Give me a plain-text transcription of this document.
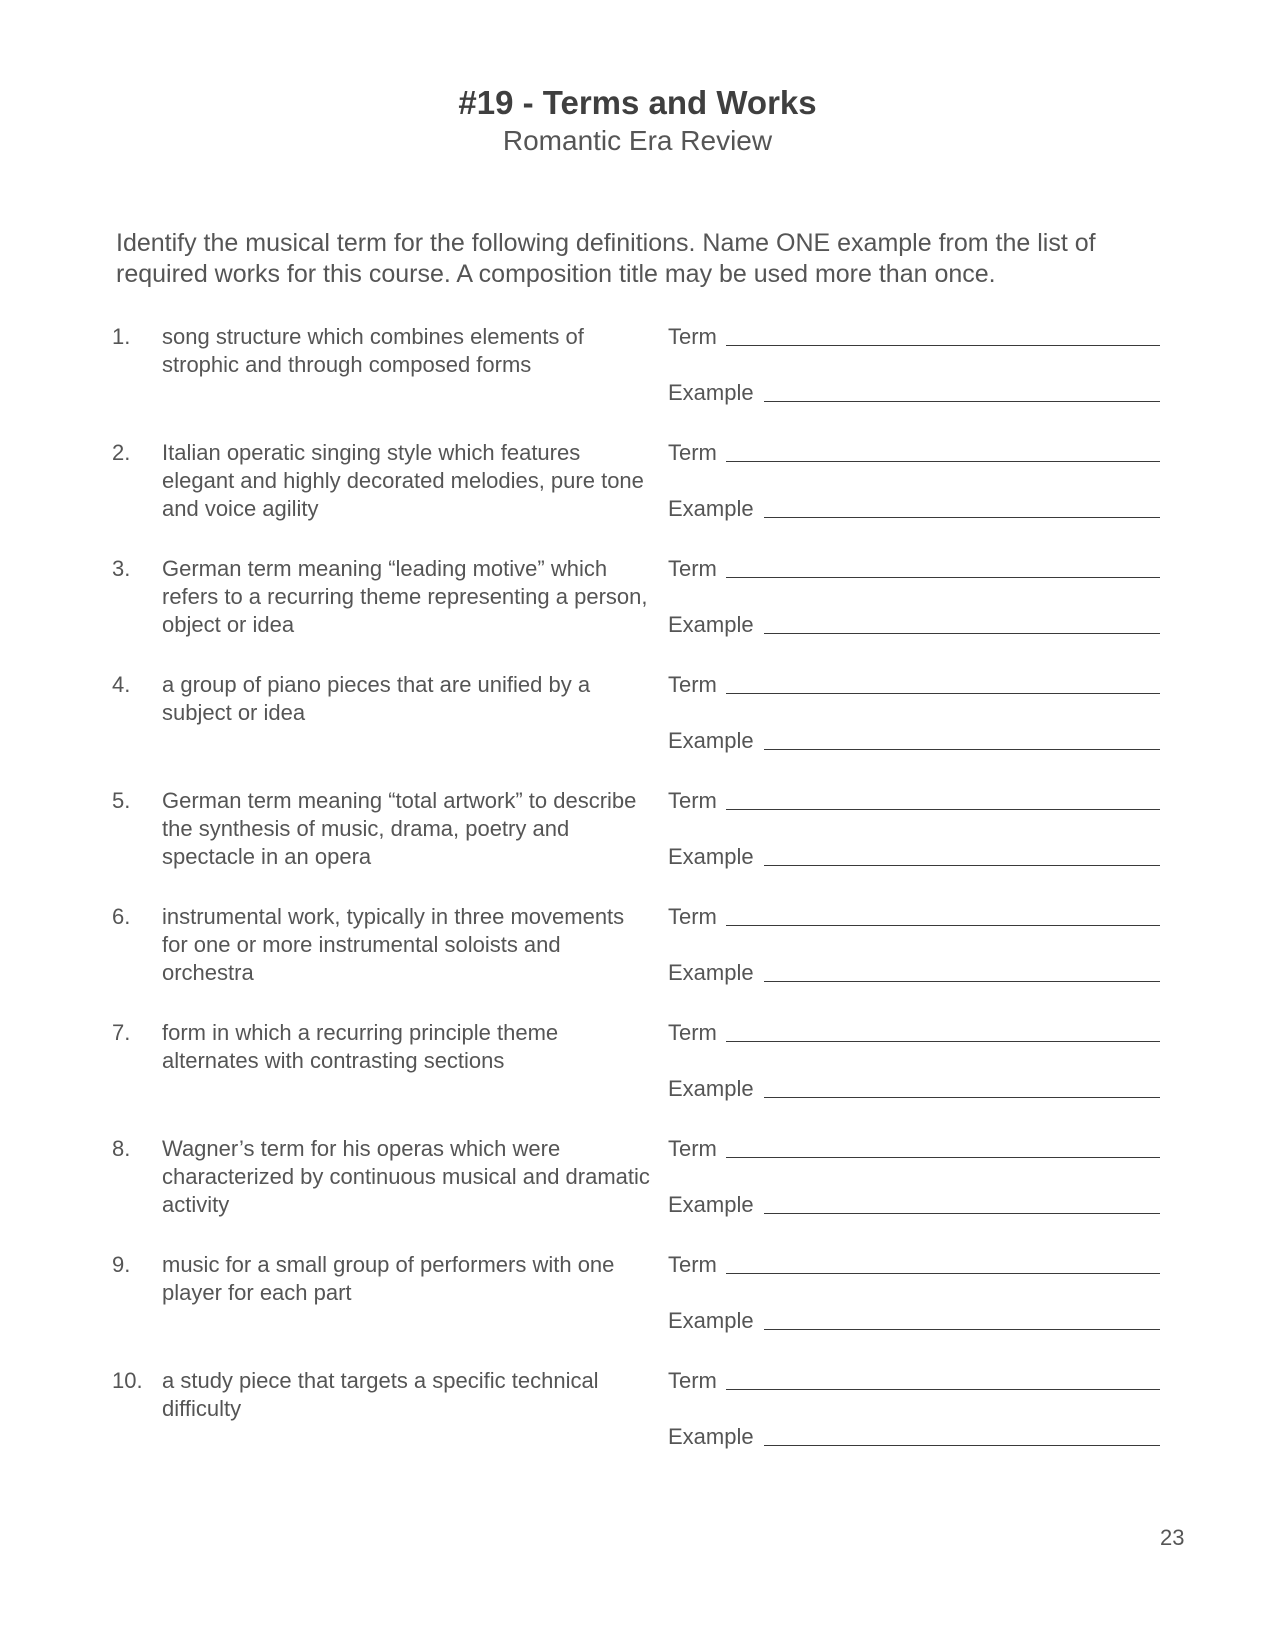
#19 - Terms and Works
Romantic Era Review
Identify the musical term for the following definitions. Name ONE example from the list of required works for this course. A composition title may be used more than once.
1. song structure which combines elements of strophic and through composed forms
Term
Example
2. Italian operatic singing style which features elegant and highly decorated melodies, pure tone and voice agility
Term
Example
3. German term meaning “leading motive” which refers to a recurring theme representing a person, object or idea
Term
Example
4. a group of piano pieces that are unified by a subject or idea
Term
Example
5. German term meaning “total artwork” to describe the synthesis of music, drama, poetry and spectacle in an opera
Term
Example
6. instrumental work, typically in three movements for one or more instrumental soloists and orchestra
Term
Example
7. form in which a recurring principle theme alternates with contrasting sections
Term
Example
8. Wagner’s term for his operas which were characterized by continuous musical and dramatic activity
Term
Example
9. music for a small group of performers with one player for each part
Term
Example
10. a study piece that targets a specific technical difficulty
Term
Example
23
